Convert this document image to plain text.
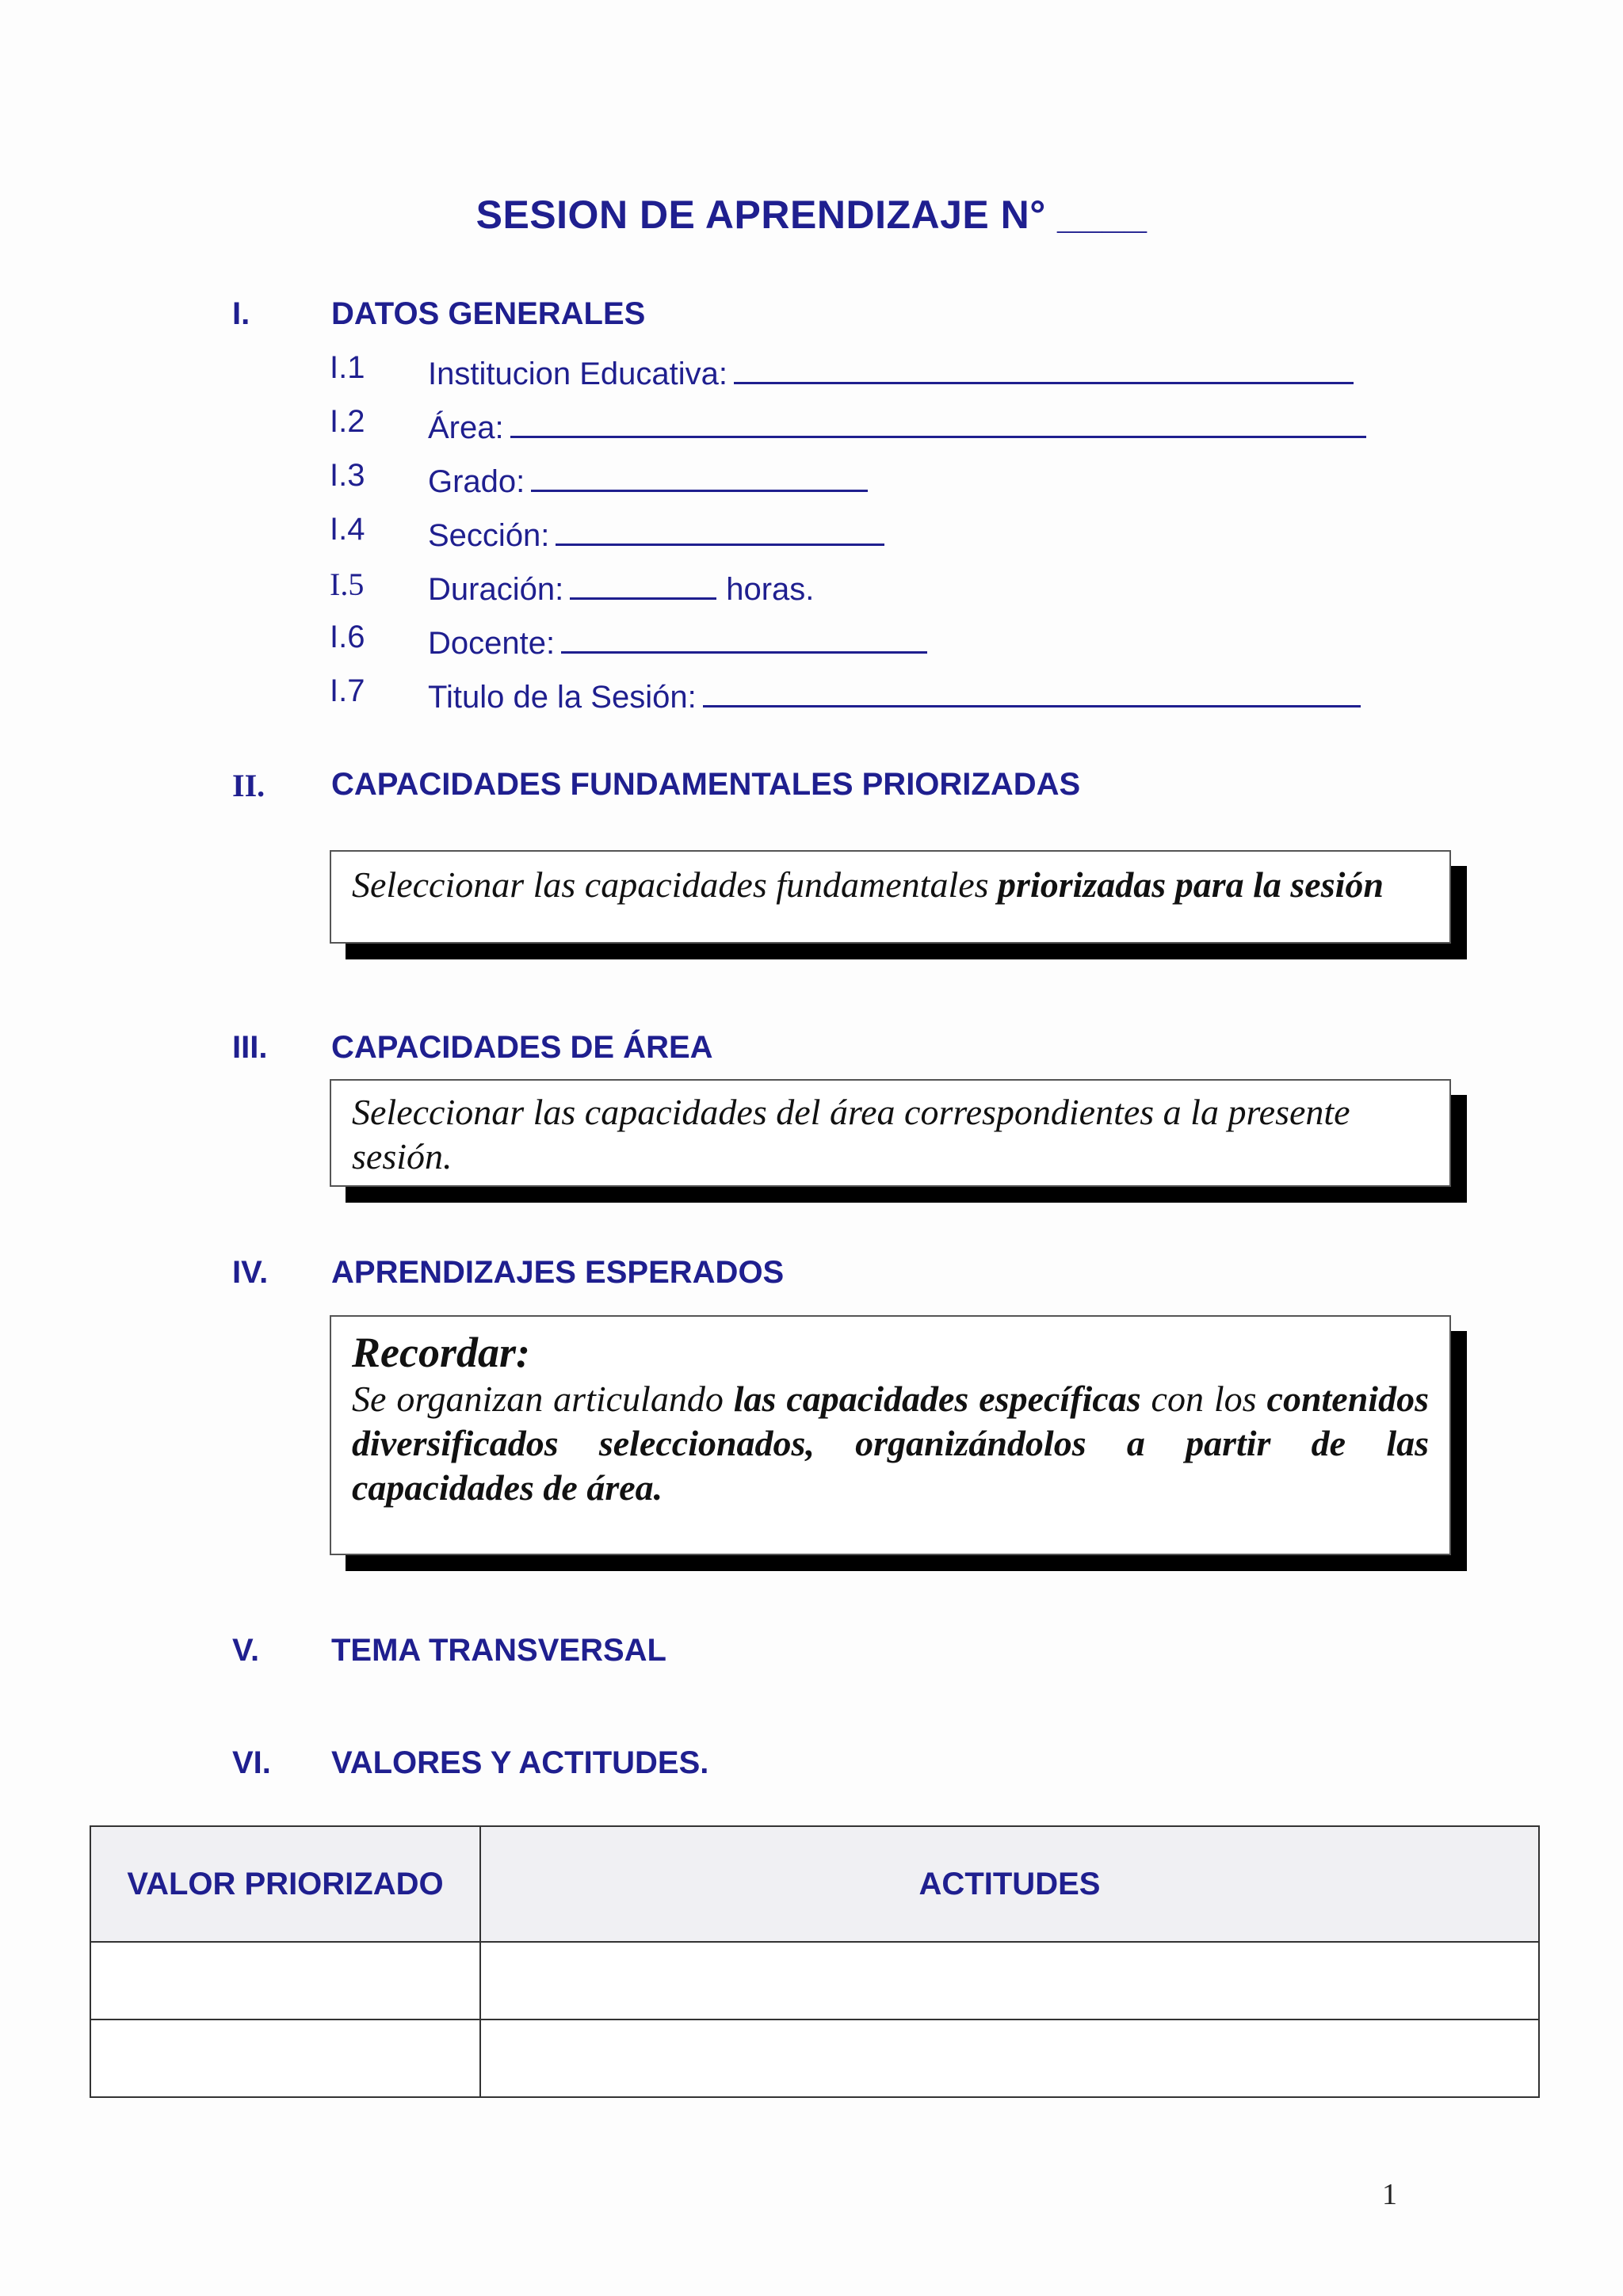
SESION DE APRENDIZAJE N° ____
I.	DATOS GENERALES
I.1 Institucion Educativa:
I.2 Área:
I.3 Grado:
I.4 Sección:
I.5 Duración:	horas.
I.6 Docente:
I.7 Titulo de la Sesión:
II. CAPACIDADES FUNDAMENTALES PRIORIZADAS

Seleccionar las capacidades fundamentales priorizadas para la sesión

III. CAPACIDADES DE ÁREA

Seleccionar las capacidades del área correspondientes a la presente sesión.

IV. APRENDIZAJES ESPERADOS

Recordar:

Se organizan articulando las capacidades específicas con los contenidos diversificados seleccionados, organizándolos a partir de las capacidades de área.

V. TEMA TRANSVERSAL
VI. VALORES Y ACTITUDES.
VALOR PRIORIZADO	ACTITUDES

1
